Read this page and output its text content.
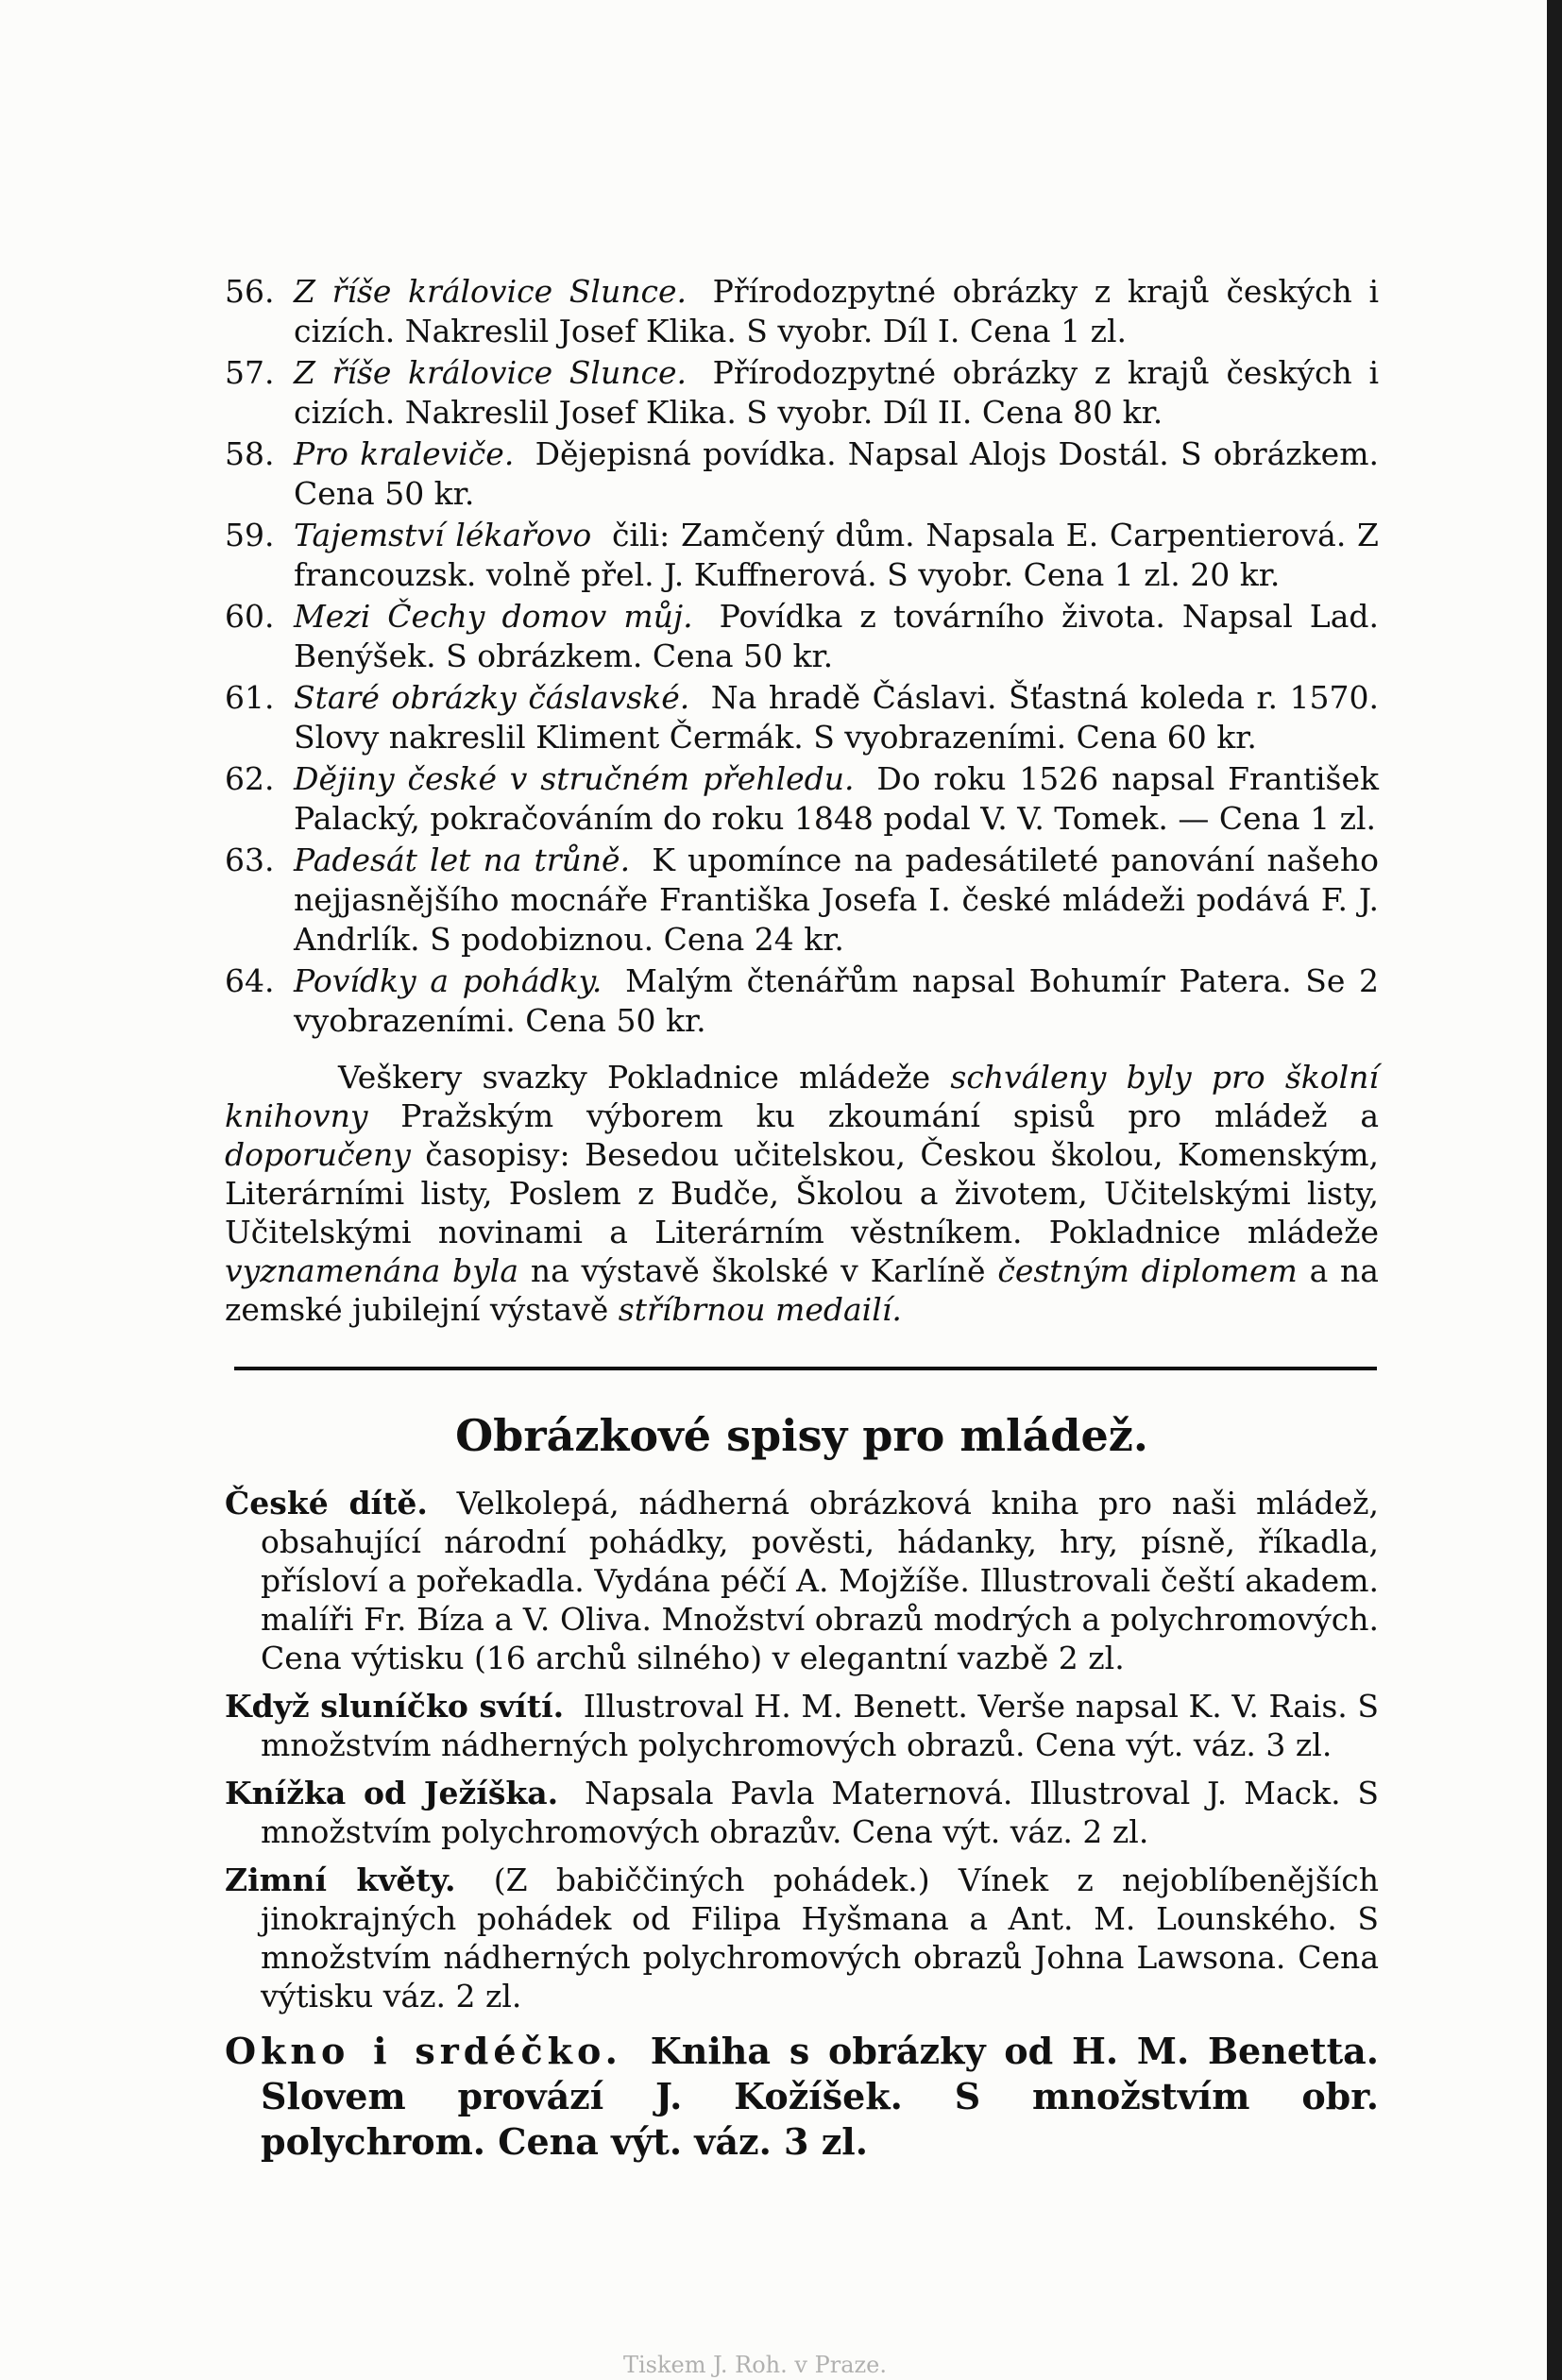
56. Z říše královice Slunce. Přírodozpytné obrázky z krajů českých i cizích. Nakreslil Josef Klika. S vyobr. Díl I. Cena 1 zl.
57. Z říše královice Slunce. Přírodozpytné obrázky z krajů českých i cizích. Nakreslil Josef Klika. S vyobr. Díl II. Cena 80 kr.
58. Pro kraleviče. Dějepisná povídka. Napsal Alojs Dostál. S obrázkem. Cena 50 kr.
59. Tajemství lékařovo čili: Zamčený dům. Napsala E. Carpentierová. Z francouzsk. volně přel. J. Kuffnerová. S vyobr. Cena 1 zl. 20 kr.
60. Mezi Čechy domov můj. Povídka z továrního života. Napsal Lad. Benýšek. S obrázkem. Cena 50 kr.
61. Staré obrázky čáslavské. Na hradě Čáslavi. Šťastná koleda r. 1570. Slovy nakreslil Kliment Čermák. S vyobrazeními. Cena 60 kr.
62. Dějiny české v stručném přehledu. Do roku 1526 napsal František Palacký, pokračováním do roku 1848 podal V. V. Tomek. — Cena 1 zl.
63. Padesát let na trůně. K upomínce na padesátileté panování našeho nejjasnějšího mocnáře Františka Josefa I. české mládeži podává F. J. Andrlík. S podobiznou. Cena 24 kr.
64. Povídky a pohádky. Malým čtenářům napsal Bohumír Patera. Se 2 vyobrazeními. Cena 50 kr.

Veškery svazky Pokladnice mládeže schváleny byly pro školní knihovny Pražským výborem ku zkoumání spisů pro mládež a doporučeny časopisy: Besedou učitelskou, Českou školou, Komenským, Literárními listy, Poslem z Budče, Školou a životem, Učitelskými listy, Učitelskými novinami a Literárním věstníkem. Pokladnice mládeže vyznamenána byla na výstavě školské v Karlíně čestným diplomem a na zemské jubilejní výstavě stříbrnou medailí.

Obrázkové spisy pro mládež.

České dítě. Velkolepá, nádherná obrázková kniha pro naši mládež, obsahující národní pohádky, pověsti, hádanky, hry, písně, říkadla, přísloví a pořekadla. Vydána péčí A. Mojžíše. Illustrovali čeští akadem. malíři Fr. Bíza a V. Oliva. Množství obrazů modrých a polychromových. Cena výtisku (16 archů silného) v elegantní vazbě 2 zl.

Když sluníčko svítí. Illustroval H. M. Benett. Verše napsal K. V. Rais. S množstvím nádherných polychromových obrazů. Cena výt. váz. 3 zl.

Knížka od Ježíška. Napsala Pavla Maternová. Illustroval J. Mack. S množstvím polychromových obrazův. Cena výt. váz. 2 zl.

Zimní květy. (Z babiččiných pohádek.) Vínek z nejoblíbenějších jinokrajných pohádek od Filipa Hyšmana a Ant. M. Lounského. S množstvím nádherných polychromových obrazů Johna Lawsona. Cena výtisku váz. 2 zl.

Okno i srdéčko. Kniha s obrázky od H. M. Benetta. Slovem provází J. Kožíšek. S množstvím obr. polychrom. Cena výt. váz. 3 zl.

Tiskem J. Roh. v Praze.
